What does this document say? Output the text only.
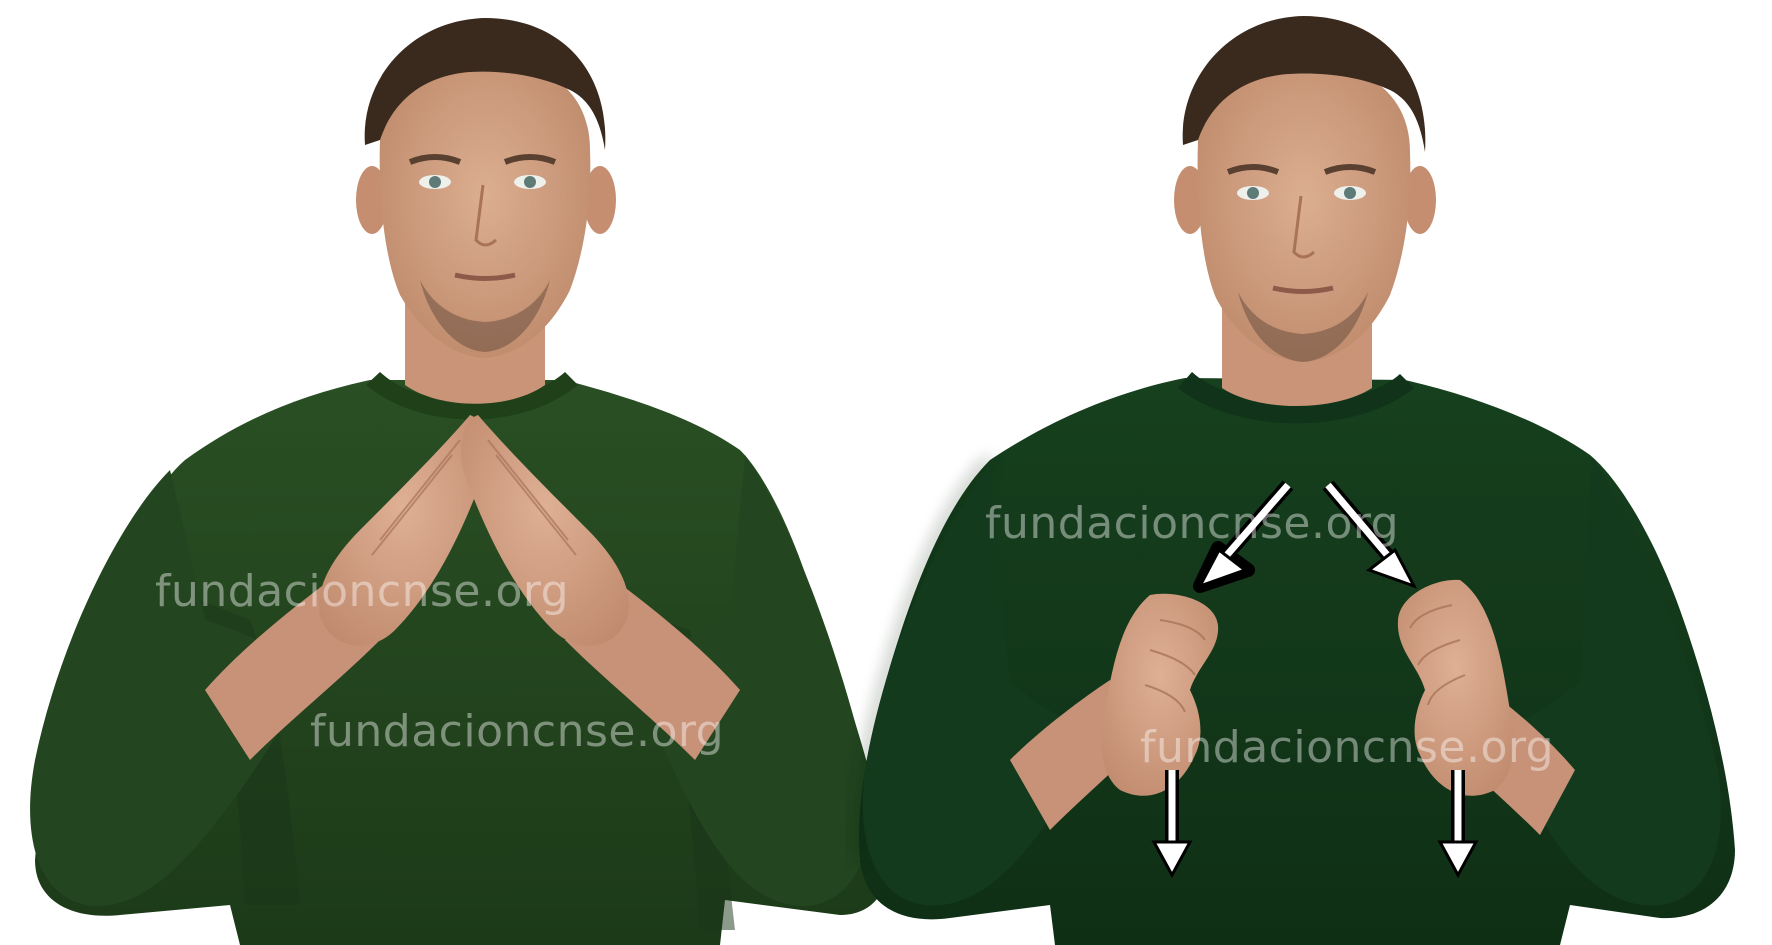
fundacioncnse.org
fundacioncnse.org
fundacioncnse.org
fundacioncnse.org
